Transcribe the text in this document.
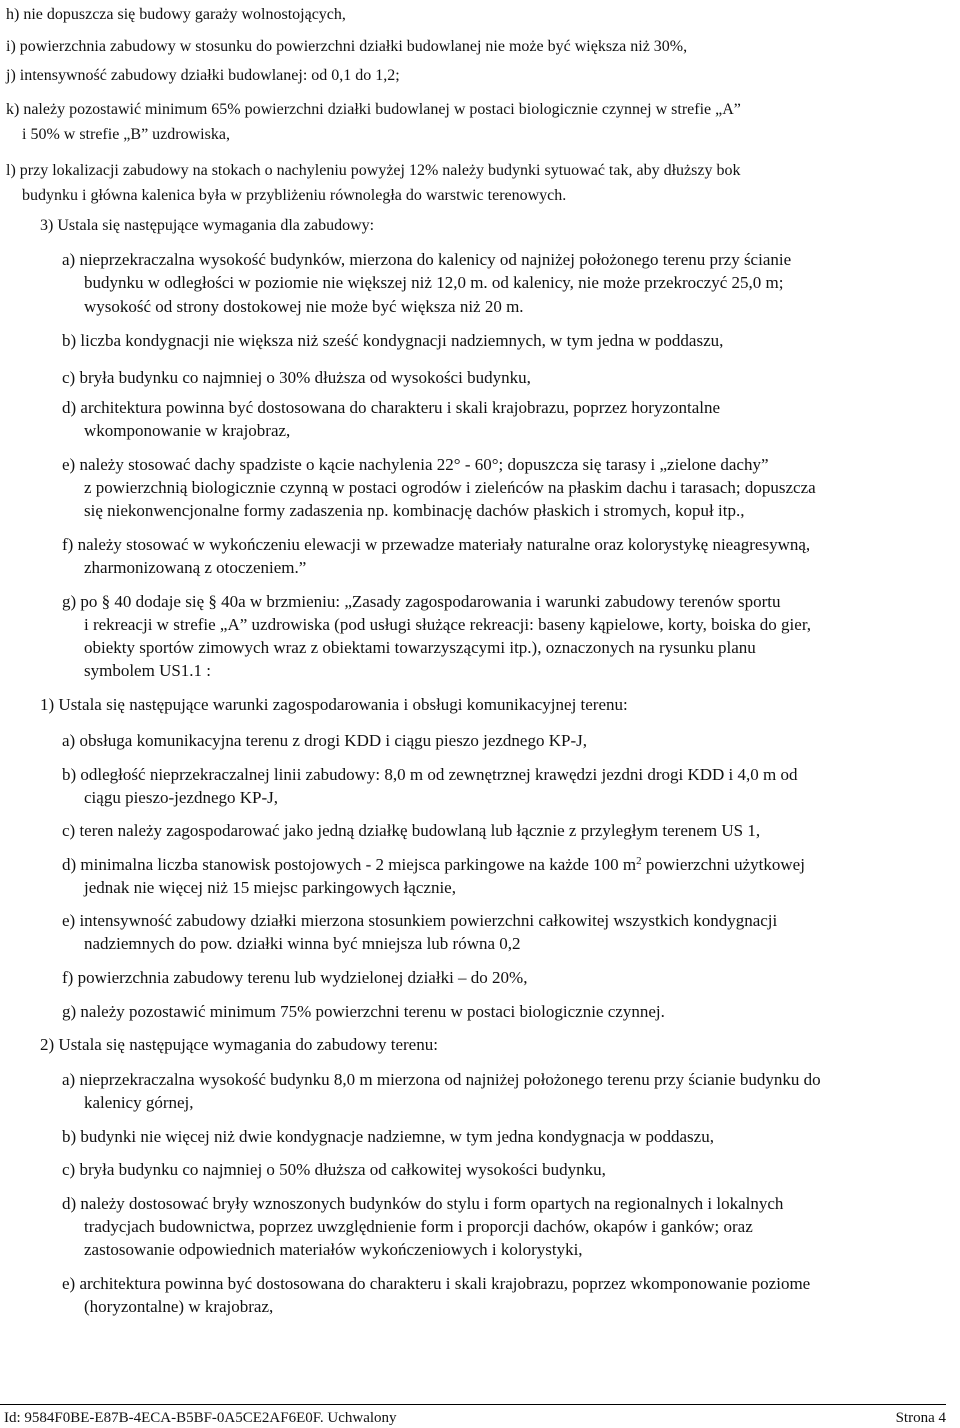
h) nie dopuszcza się budowy garaży wolnostojących,
i) powierzchnia zabudowy w stosunku do powierzchni działki budowlanej nie może być większa niż 30%,
j) intensywność zabudowy działki budowlanej: od 0,1 do 1,2;
k) należy pozostawić minimum 65% powierzchni działki budowlanej w postaci biologicznie czynnej w strefie „A”
i 50% w strefie „B” uzdrowiska,
l) przy lokalizacji zabudowy na stokach o nachyleniu powyżej 12% należy budynki sytuować tak, aby dłuższy bok
budynku i główna kalenica była w przybliżeniu równoległa do warstwic terenowych.
3) Ustala się następujące wymagania dla zabudowy:
a) nieprzekraczalna wysokość budynków, mierzona do kalenicy od najniżej położonego terenu przy ścianie
budynku w odległości w poziomie nie większej niż 12,0 m. od kalenicy, nie może przekroczyć 25,0 m;
wysokość od strony dostokowej nie może być większa niż 20 m.
b) liczba kondygnacji nie większa niż sześć kondygnacji nadziemnych, w tym jedna w poddaszu,
c) bryła budynku co najmniej o 30% dłuższa od wysokości budynku,
d) architektura powinna być dostosowana do charakteru i skali krajobrazu, poprzez horyzontalne
wkomponowanie w krajobraz,
e) należy stosować dachy spadziste o kącie nachylenia 22° - 60°; dopuszcza się tarasy i „zielone dachy”
z powierzchnią biologicznie czynną w postaci ogrodów i zieleńców na płaskim dachu i tarasach; dopuszcza
się niekonwencjonalne formy zadaszenia np. kombinację dachów płaskich i stromych, kopuł itp.,
f) należy stosować w wykończeniu elewacji w przewadze materiały naturalne oraz kolorystykę nieagresywną,
zharmonizowaną z otoczeniem.”
g) po § 40 dodaje się § 40a w brzmieniu: „Zasady zagospodarowania i warunki zabudowy terenów sportu
i rekreacji w strefie „A” uzdrowiska (pod usługi służące rekreacji: baseny kąpielowe, korty, boiska do gier,
obiekty sportów zimowych wraz z obiektami towarzyszącymi itp.), oznaczonych na rysunku planu
symbolem US1.1 :
1) Ustala się następujące warunki zagospodarowania i obsługi komunikacyjnej terenu:
a) obsługa komunikacyjna terenu z drogi KDD i ciągu pieszo jezdnego KP-J,
b) odległość nieprzekraczalnej linii zabudowy: 8,0 m od zewnętrznej krawędzi jezdni drogi KDD i 4,0 m od
ciągu pieszo-jezdnego KP-J,
c) teren należy zagospodarować jako jedną działkę budowlaną lub łącznie z przyległym terenem US 1,
d) minimalna liczba stanowisk postojowych - 2 miejsca parkingowe na każde 100 $m^2$ powierzchni użytkowej
jednak nie więcej niż 15 miejsc parkingowych łącznie,
e) intensywność zabudowy działki mierzona stosunkiem powierzchni całkowitej wszystkich kondygnacji
nadziemnych do pow. działki winna być mniejsza lub równa 0,2
f) powierzchnia zabudowy terenu lub wydzielonej działki – do 20%,
g) należy pozostawić minimum 75% powierzchni terenu w postaci biologicznie czynnej.
2) Ustala się następujące wymagania do zabudowy terenu:
a) nieprzekraczalna wysokość budynku 8,0 m mierzona od najniżej położonego terenu przy ścianie budynku do
kalenicy górnej,
b) budynki nie więcej niż dwie kondygnacje nadziemne, w tym jedna kondygnacja w poddaszu,
c) bryła budynku co najmniej o 50% dłuższa od całkowitej wysokości budynku,
d) należy dostosować bryły wznoszonych budynków do stylu i form opartych na regionalnych i lokalnych
tradycjach budownictwa, poprzez uwzględnienie form i proporcji dachów, okapów i ganków; oraz
zastosowanie odpowiednich materiałów wykończeniowych i kolorystyki,
e) architektura powinna być dostosowana do charakteru i skali krajobrazu, poprzez wkomponowanie poziome
(horyzontalne) w krajobraz,
Id: 9584F0BE-E87B-4ECA-B5BF-0A5CE2AF6E0F. Uchwalony	Strona 4
